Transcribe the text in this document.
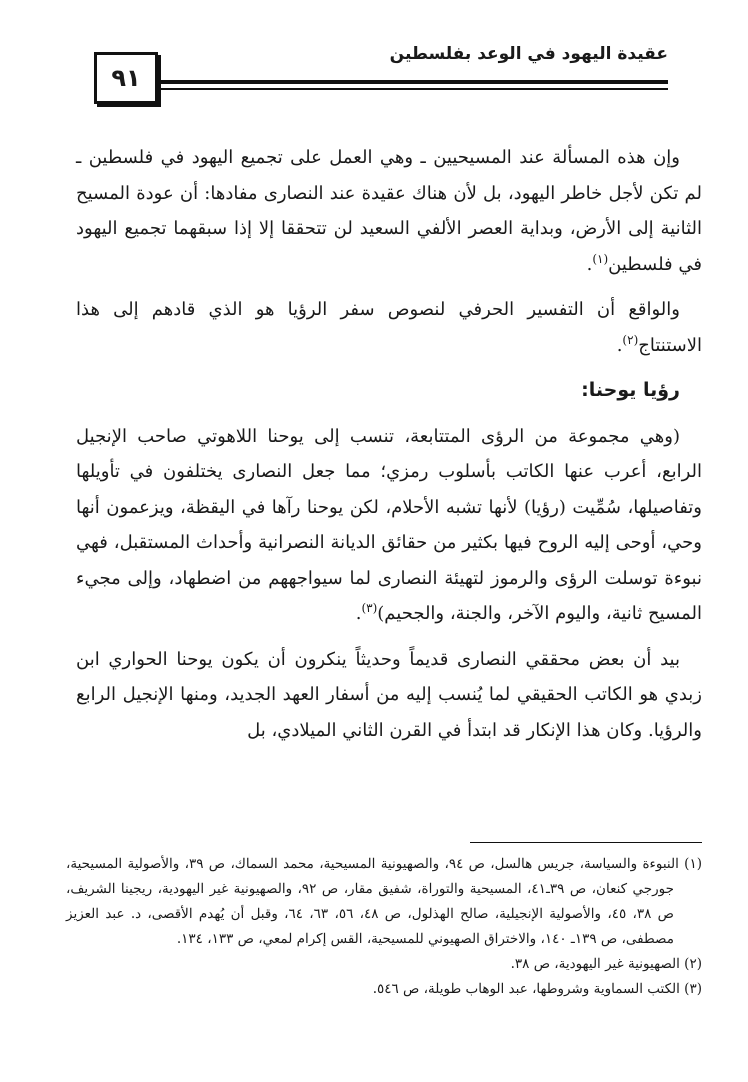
٩١
عقيدة اليهود في الوعد بفلسطين

وإن هذه المسألة عند المسيحيين ـ وهي العمل على تجميع اليهود في فلسطين ـ لم تكن لأجل خاطر اليهود، بل لأن هناك عقيدة عند النصارى مفادها: أن عودة المسيح الثانية إلى الأرض، وبداية العصر الألفي السعيد لن تتحققا إلا إذا سبقهما تجميع اليهود في فلسطين$^{(١)}$.

والواقع أن التفسير الحرفي لنصوص سفر الرؤيا هو الذي قادهم إلى هذا الاستنتاج$^{(٢)}$.

رؤيا يوحنا:

(وهي مجموعة من الرؤى المتتابعة، تنسب إلى يوحنا اللاهوتي صاحب الإنجيل الرابع، أعرب عنها الكاتب بأسلوب رمزي؛ مما جعل النصارى يختلفون في تأويلها وتفاصيلها، سُمِّيت (رؤيا) لأنها تشبه الأحلام، لكن يوحنا رآها في اليقظة، ويزعمون أنها وحي، أوحى إليه الروح فيها بكثير من حقائق الديانة النصرانية وأحداث المستقبل، فهي نبوءة توسلت الرؤى والرموز لتهيئة النصارى لما سيواجههم من اضطهاد، وإلى مجيء المسيح ثانية، واليوم الآخر، والجنة، والجحيم)$^{(٣)}$.

بيد أن بعض محققي النصارى قديماً وحديثاً ينكرون أن يكون يوحنا الحواري ابن زبدي هو الكاتب الحقيقي لما يُنسب إليه من أسفار العهد الجديد، ومنها الإنجيل الرابع والرؤيا. وكان هذا الإنكار قد ابتدأ في القرن الثاني الميلادي، بل

(١) النبوءة والسياسة، جريس هالسل، ص ٩٤، والصهيونية المسيحية، محمد السماك، ص ٣٩، والأصولية المسيحية، جورجي كنعان، ص ٣٩ـ٤١، المسيحية والتوراة، شفيق مقار، ص ٩٢، والصهيونية غير اليهودية، ريجينا الشريف، ص ٣٨، ٤٥، والأصولية الإنجيلية، صالح الهذلول، ص ٤٨، ٥٦، ٦٣، ٦٤، وقبل أن يُهدم الأقصى، د. عبد العزيز مصطفى، ص ١٣٩ـ ١٤٠، والاختراق الصهيوني للمسيحية، القس إكرام لمعي، ص ١٣٣، ١٣٤.

(٢) الصهيونية غير اليهودية، ص ٣٨.

(٣) الكتب السماوية وشروطها، عبد الوهاب طويلة، ص ٥٤٦.
